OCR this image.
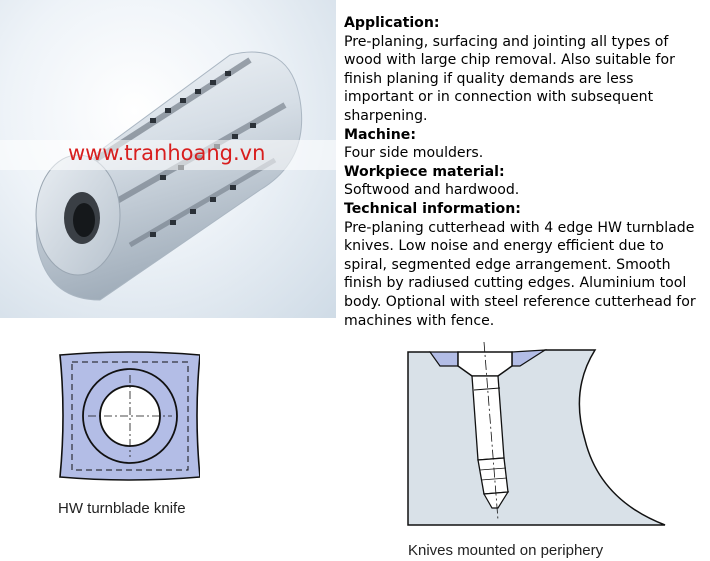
www.tranhoang.vn
Application:
Pre-planing, surfacing and jointing all types of wood with large chip removal. Also suitable for finish planing if quality demands are less important or in connection with subsequent sharpening.
Machine:
Four side moulders.
Workpiece material:
Softwood and hardwood.
Technical information:
Pre-planing cutterhead with 4 edge HW turnblade knives. Low noise and energy efficient due to spiral, segmented edge arrangement. Smooth finish by radiused cutting edges. Aluminium tool body. Optional with steel reference cutterhead for machines with fence.
HW turnblade knife
Knives mounted on periphery
